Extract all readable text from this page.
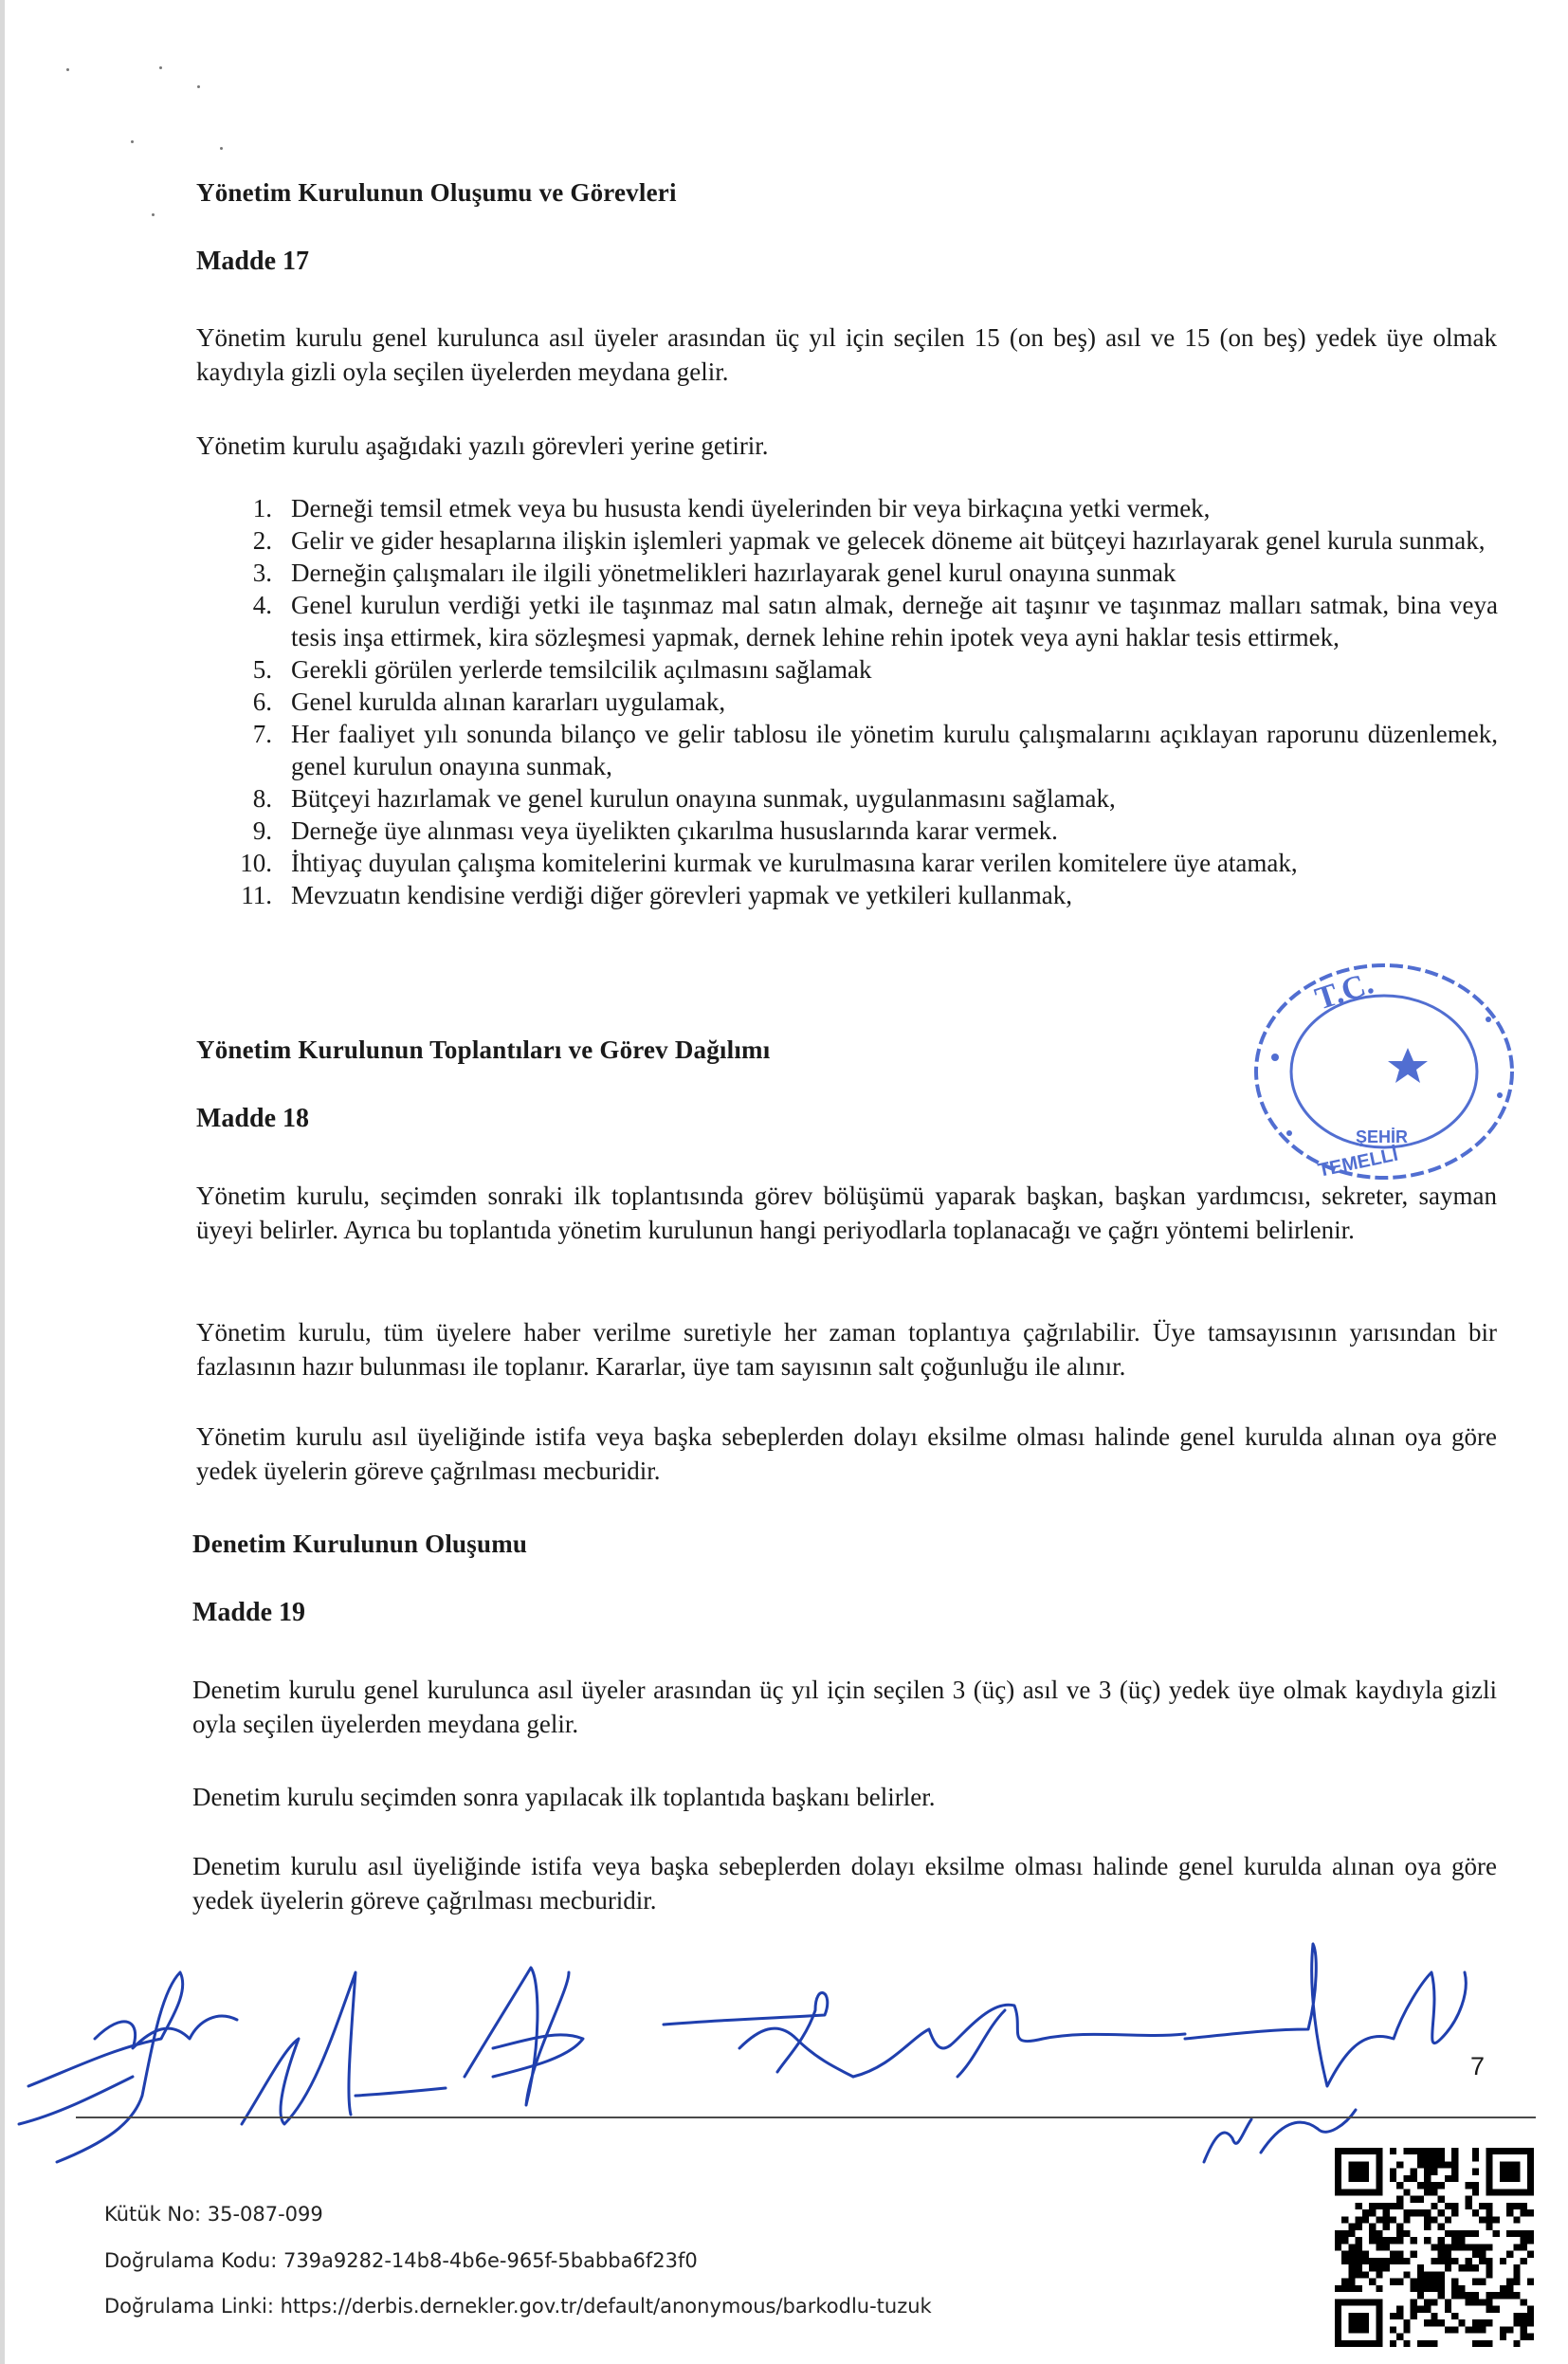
Yönetim Kurulunun Oluşumu ve Görevleri
Madde 17
Yönetim kurulu genel kurulunca asıl üyeler arasından üç yıl için seçilen 15 (on beş) asıl ve 15 (on beş) yedek üye olmak kaydıyla gizli oyla seçilen üyelerden meydana gelir.
Yönetim kurulu aşağıdaki yazılı görevleri yerine getirir.
1. Derneği temsil etmek veya bu hususta kendi üyelerinden bir veya birkaçına yetki vermek,
2. Gelir ve gider hesaplarına ilişkin işlemleri yapmak ve gelecek döneme ait bütçeyi hazırlayarak genel kurula sunmak,
3. Derneğin çalışmaları ile ilgili yönetmelikleri hazırlayarak genel kurul onayına sunmak
4. Genel kurulun verdiği yetki ile taşınmaz mal satın almak, derneğe ait taşınır ve taşınmaz malları satmak, bina veya tesis inşa ettirmek, kira sözleşmesi yapmak, dernek lehine rehin ipotek veya ayni haklar tesis ettirmek,
5. Gerekli görülen yerlerde temsilcilik açılmasını sağlamak
6. Genel kurulda alınan kararları uygulamak,
7. Her faaliyet yılı sonunda bilanço ve gelir tablosu ile yönetim kurulu çalışmalarını açıklayan raporunu düzenlemek, genel kurulun onayına sunmak,
8. Bütçeyi hazırlamak ve genel kurulun onayına sunmak, uygulanmasını sağlamak,
9. Derneğe üye alınması veya üyelikten çıkarılma hususlarında karar vermek.
10. İhtiyaç duyulan çalışma komitelerini kurmak ve kurulmasına karar verilen komitelere üye atamak,
11. Mevzuatın kendisine verdiği diğer görevleri yapmak ve yetkileri kullanmak,
Yönetim Kurulunun Toplantıları ve Görev Dağılımı
Madde 18
Yönetim kurulu, seçimden sonraki ilk toplantısında görev bölüşümü yaparak başkan, başkan yardımcısı, sekreter, sayman üyeyi belirler. Ayrıca bu toplantıda yönetim kurulunun hangi periyodlarla toplanacağı ve çağrı yöntemi belirlenir.
Yönetim kurulu, tüm üyelere haber verilme suretiyle her zaman toplantıya çağrılabilir. Üye tamsayısının yarısından bir fazlasının hazır bulunması ile toplanır. Kararlar, üye tam sayısının salt çoğunluğu ile alınır.
Yönetim kurulu asıl üyeliğinde istifa veya başka sebeplerden dolayı eksilme olması halinde genel kurulda alınan oya göre yedek üyelerin göreve çağrılması mecburidir.
Denetim Kurulunun Oluşumu
Madde 19
Denetim kurulu genel kurulunca asıl üyeler arasından üç yıl için seçilen 3 (üç) asıl ve 3 (üç) yedek üye olmak kaydıyla gizli oyla seçilen üyelerden meydana gelir.
Denetim kurulu seçimden sonra yapılacak ilk toplantıda başkanı belirler.
Denetim kurulu asıl üyeliğinde istifa veya başka sebeplerden dolayı eksilme olması halinde genel kurulda alınan oya göre yedek üyelerin göreve çağrılması mecburidir.
T.C.
ŞEHİR
TEMELLİ
7
Kütük No: 35-087-099
Doğrulama Kodu: 739a9282-14b8-4b6e-965f-5babba6f23f0
Doğrulama Linki: https://derbis.dernekler.gov.tr/default/anonymous/barkodlu-tuzuk
